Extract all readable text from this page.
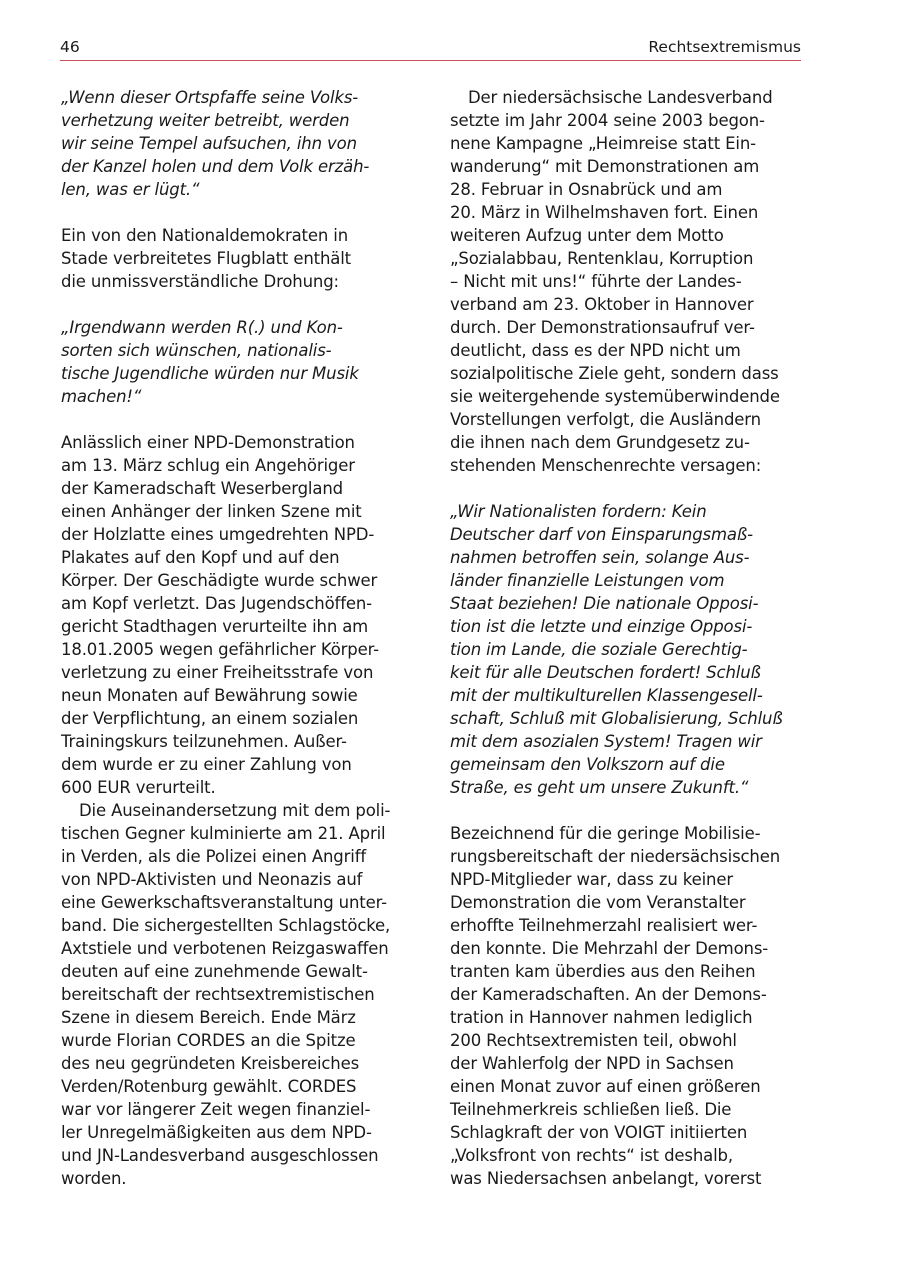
46	Rechtsextremismus
„Wenn dieser Ortspfaffe seine Volks-
verhetzung weiter betreibt, werden
wir seine Tempel aufsuchen, ihn von
der Kanzel holen und dem Volk erzäh-
len, was er lügt.“
Ein von den Nationaldemokraten in
Stade verbreitetes Flugblatt enthält
die unmissverständliche Drohung:
„Irgendwann werden R(.) und Kon-
sorten sich wünschen, nationalis-
tische Jugendliche würden nur Musik
machen!“
Anlässlich einer NPD-Demonstration
am 13. März schlug ein Angehöriger
der Kameradschaft Weserbergland
einen Anhänger der linken Szene mit
der Holzlatte eines umgedrehten NPD-
Plakates auf den Kopf und auf den
Körper. Der Geschädigte wurde schwer
am Kopf verletzt. Das Jugendschöffen-
gericht Stadthagen verurteilte ihn am
18.01.2005 wegen gefährlicher Körper-
verletzung zu einer Freiheitsstrafe von
neun Monaten auf Bewährung sowie
der Verpflichtung, an einem sozialen
Trainingskurs teilzunehmen. Außer-
dem wurde er zu einer Zahlung von
600 EUR verurteilt.
Die Auseinandersetzung mit dem poli-
tischen Gegner kulminierte am 21. April
in Verden, als die Polizei einen Angriff
von NPD-Aktivisten und Neonazis auf
eine Gewerkschaftsveranstaltung unter-
band. Die sichergestellten Schlagstöcke,
Axtstiele und verbotenen Reizgaswaffen
deuten auf eine zunehmende Gewalt-
bereitschaft der rechtsextremistischen
Szene in diesem Bereich. Ende März
wurde Florian CORDES an die Spitze
des neu gegründeten Kreisbereiches
Verden/Rotenburg gewählt. CORDES
war vor längerer Zeit wegen finanziel-
ler Unregelmäßigkeiten aus dem NPD-
und JN-Landesverband ausgeschlossen
worden.
Der niedersächsische Landesverband
setzte im Jahr 2004 seine 2003 begon-
nene Kampagne „Heimreise statt Ein-
wanderung“ mit Demonstrationen am
28. Februar in Osnabrück und am
20. März in Wilhelmshaven fort. Einen
weiteren Aufzug unter dem Motto
„Sozialabbau, Rentenklau, Korruption
– Nicht mit uns!“ führte der Landes-
verband am 23. Oktober in Hannover
durch. Der Demonstrationsaufruf ver-
deutlicht, dass es der NPD nicht um
sozialpolitische Ziele geht, sondern dass
sie weitergehende systemüberwindende
Vorstellungen verfolgt, die Ausländern
die ihnen nach dem Grundgesetz zu-
stehenden Menschenrechte versagen:
„Wir Nationalisten fordern: Kein
Deutscher darf von Einsparungsmaß-
nahmen betroffen sein, solange Aus-
länder finanzielle Leistungen vom
Staat beziehen! Die nationale Opposi-
tion ist die letzte und einzige Opposi-
tion im Lande, die soziale Gerechtig-
keit für alle Deutschen fordert! Schluß
mit der multikulturellen Klassengesell-
schaft, Schluß mit Globalisierung, Schluß
mit dem asozialen System! Tragen wir
gemeinsam den Volkszorn auf die
Straße, es geht um unsere Zukunft.“
Bezeichnend für die geringe Mobilisie-
rungsbereitschaft der niedersächsischen
NPD-Mitglieder war, dass zu keiner
Demonstration die vom Veranstalter
erhoffte Teilnehmerzahl realisiert wer-
den konnte. Die Mehrzahl der Demons-
tranten kam überdies aus den Reihen
der Kameradschaften. An der Demons-
tration in Hannover nahmen lediglich
200 Rechtsextremisten teil, obwohl
der Wahlerfolg der NPD in Sachsen
einen Monat zuvor auf einen größeren
Teilnehmerkreis schließen ließ. Die
Schlagkraft der von VOIGT initiierten
„Volksfront von rechts“ ist deshalb,
was Niedersachsen anbelangt, vorerst
